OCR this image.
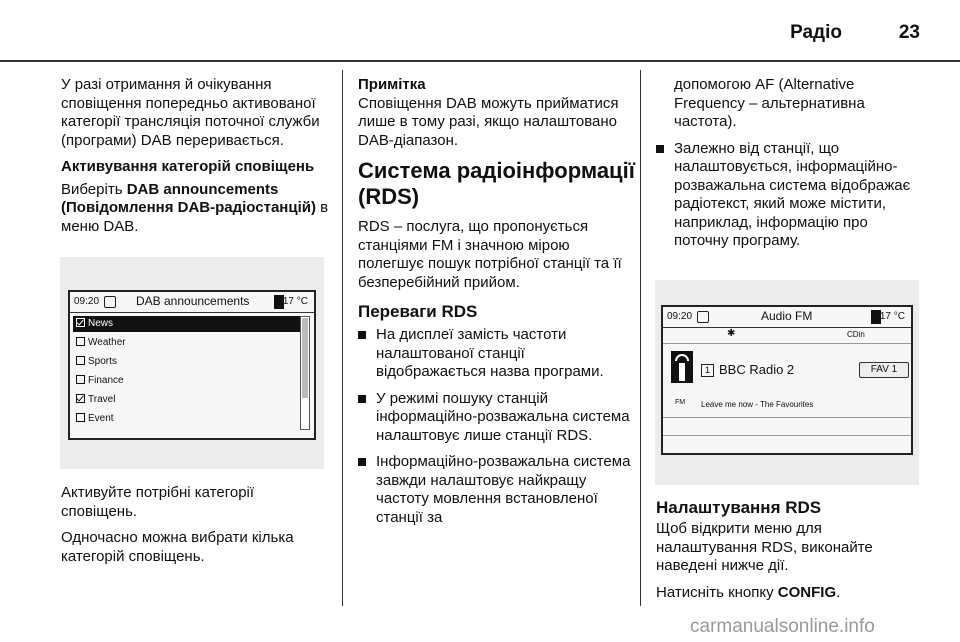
Радіо	23

У разі отримання й очікування сповіщення попередньо активованої категорії трансляція поточної служби (програми) DAB переривається.

Активування категорій сповіщень

Виберіть DAB announcements (Повідомлення DAB-радіостанцій) в меню DAB.

09:20	DAB announcements	17 °C
News
Weather
Sports
Finance
Travel
Event

Активуйте потрібні категорії сповіщень.

Одночасно можна вибрати кілька категорій сповіщень.

Примітка

Сповіщення DAB можуть прийматися лише в тому разі, якщо налаштовано DAB-діапазон.

Система радіоінформації (RDS)

RDS – послуга, що пропонується станціями FM і значною мірою полегшує пошук потрібної станції та її безперебійний прийом.

Переваги RDS
На дисплеї замість частоти налаштованої станції відображається назва програми.
У режимі пошуку станцій інформаційно-розважальна система налаштовує лише станції RDS.
Інформаційно-розважальна система завжди налаштовує найкращу частоту мовлення встановленої станції за

допомогою AF (Alternative Frequency – альтернативна частота).

Залежно від станції, що налаштовується, інформаційно-розважальна система відображає радіотекст, який може містити, наприклад, інформацію про поточну програму.
09:20	Audio FM	17 °C
✱	CDin
FM
1 BBC Radio 2	FAV 1
Leave me now - The Favourites
Налаштування RDS

Щоб відкрити меню для налаштування RDS, виконайте наведені нижче дії.

Натисніть кнопку CONFIG.

carmanualsonline.info
